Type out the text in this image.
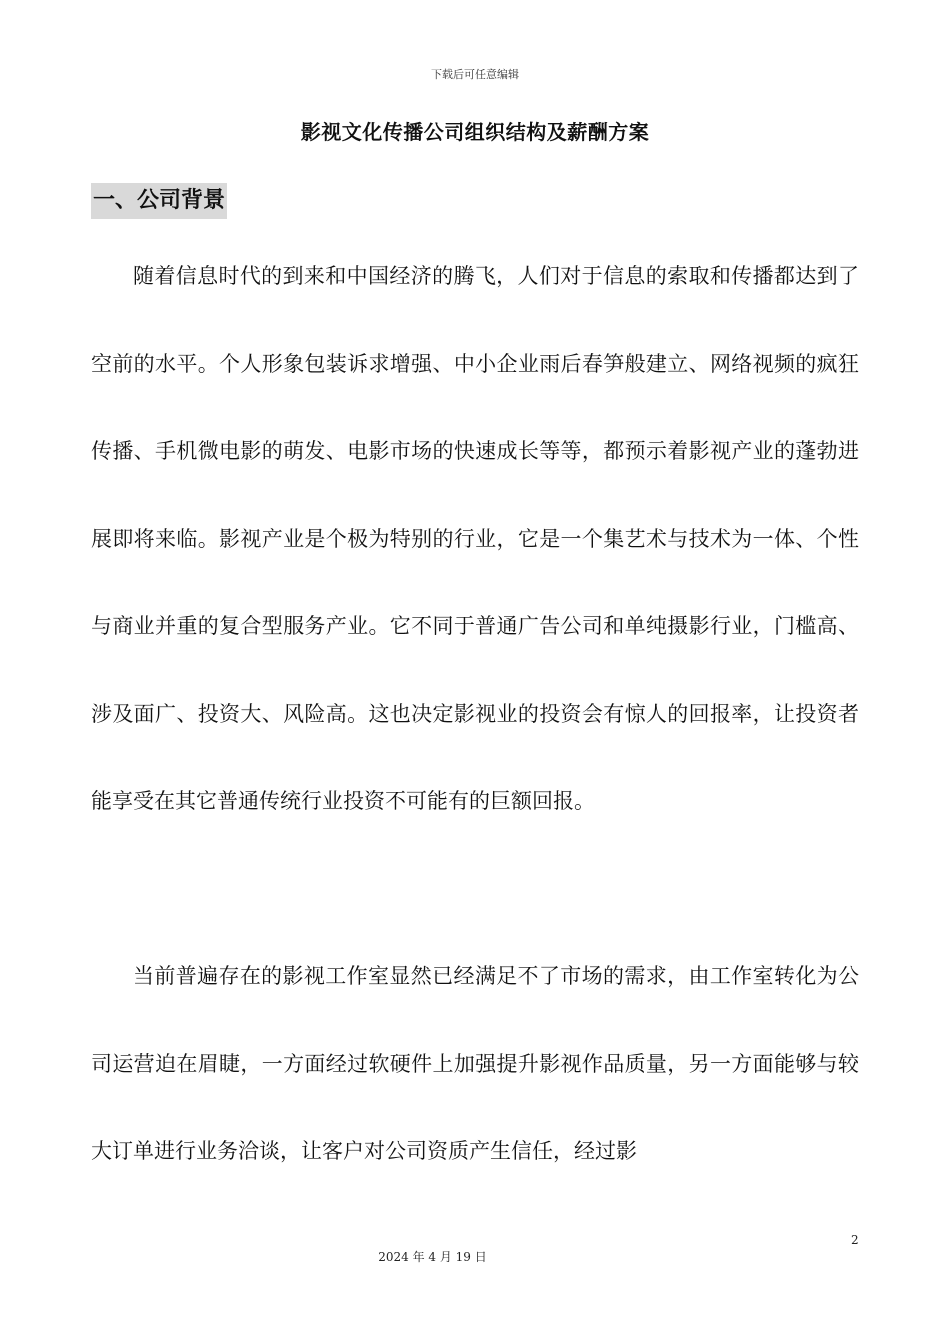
下载后可任意编辑
影视文化传播公司组织结构及薪酬方案
一、公司背景

随着信息时代的到来和中国经济的腾飞，人们对于信息的索取和传播都达到了空前的水平。个人形象包装诉求增强、中小企业雨后春笋般建立、网络视频的疯狂传播、手机微电影的萌发、电影市场的快速成长等等，都预示着影视产业的蓬勃进展即将来临。影视产业是个极为特别的行业，它是一个集艺术与技术为一体、个性与商业并重的复合型服务产业。它不同于普通广告公司和单纯摄影行业，门槛高、涉及面广、投资大、风险高。这也决定影视业的投资会有惊人的回报率，让投资者能享受在其它普通传统行业投资不可能有的巨额回报。

当前普遍存在的影视工作室显然已经满足不了市场的需求，由工作室转化为公司运营迫在眉睫，一方面经过软硬件上加强提升影视作品质量，另一方面能够与较大订单进行业务洽谈，让客户对公司资质产生信任，经过影

2
2024 年 4 月 19 日
